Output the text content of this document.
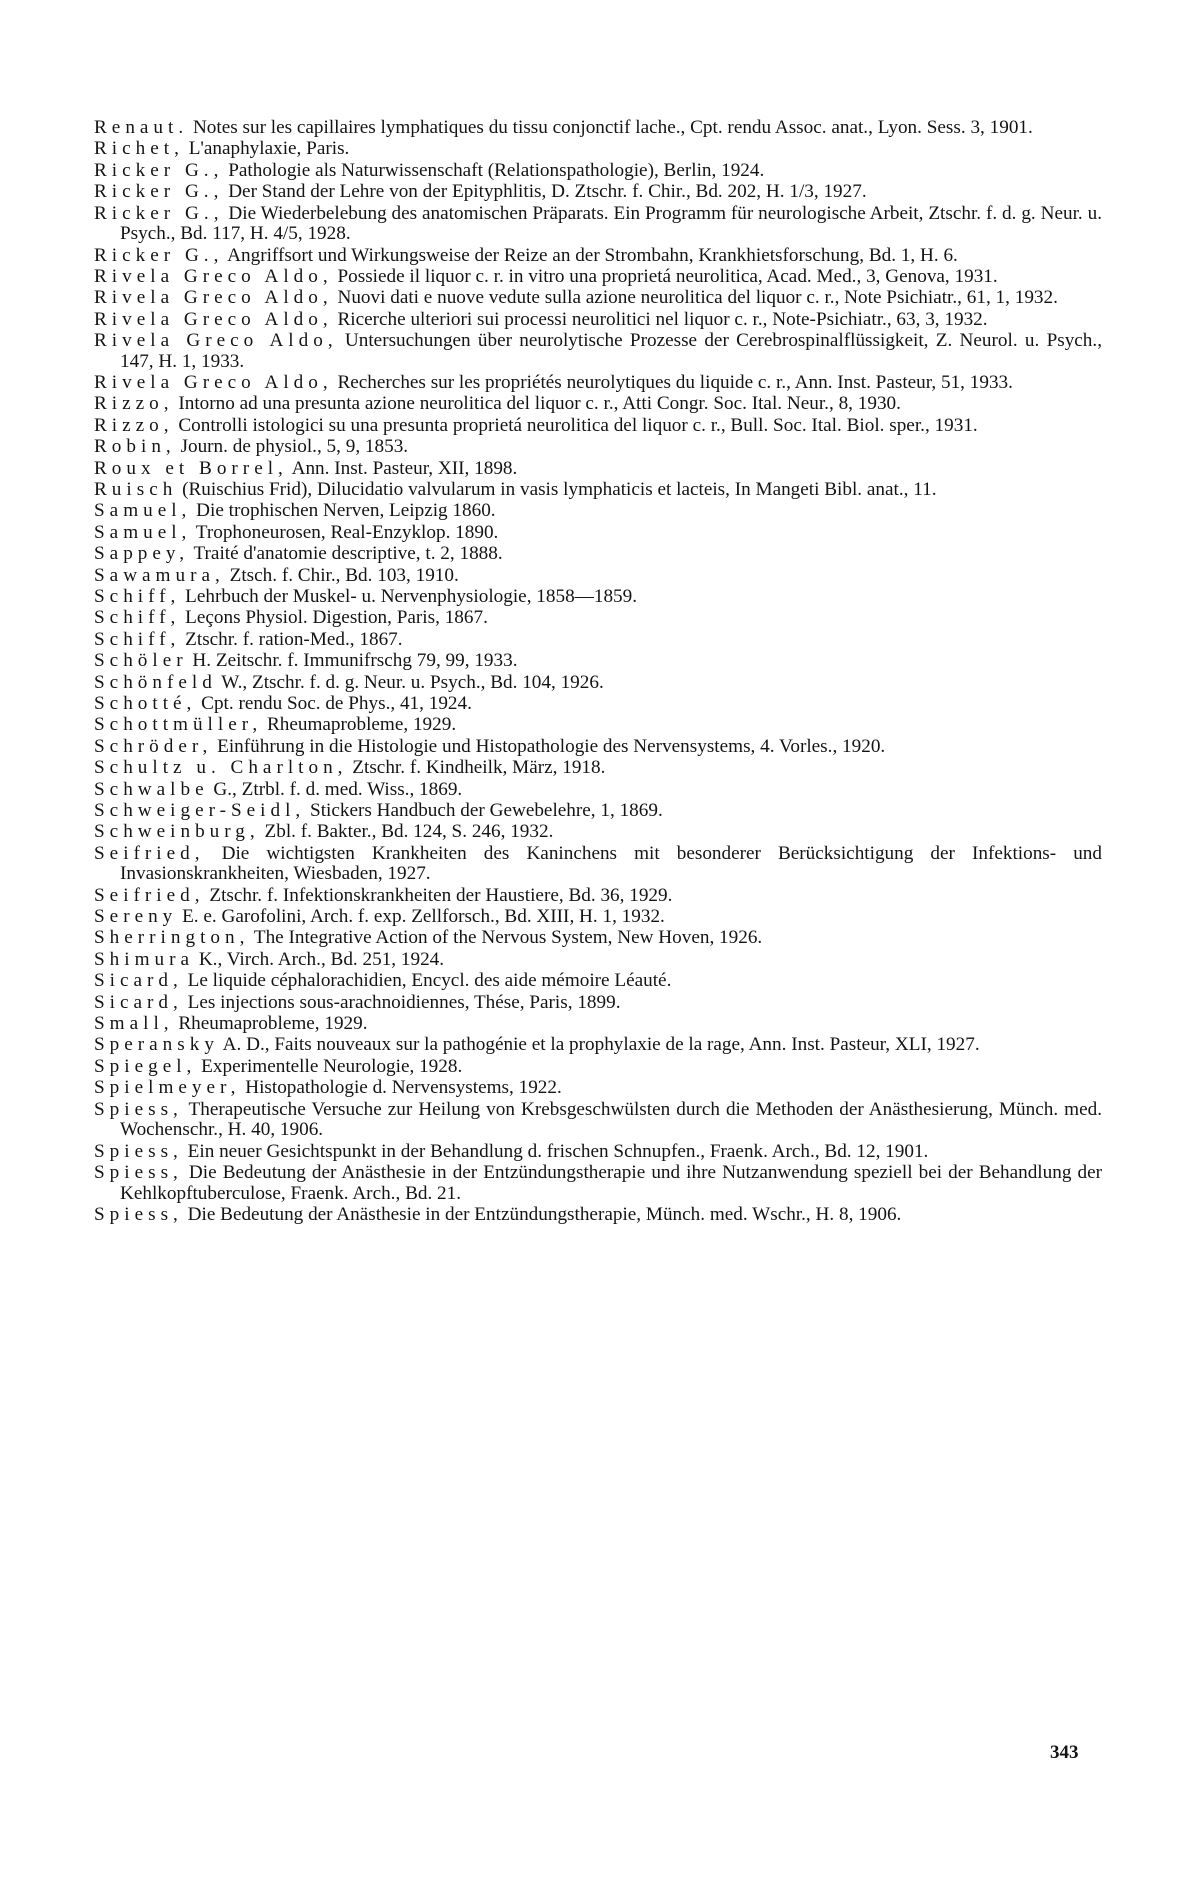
Renaut. Notes sur les capillaires lymphatiques du tissu conjonctif lache., Cpt. rendu Assoc. anat., Lyon. Sess. 3, 1901.
Richet, L'anaphylaxie, Paris.
Ricker G., Pathologie als Naturwissenschaft (Relationspathologie), Berlin, 1924.
Ricker G., Der Stand der Lehre von der Epityphlitis, D. Ztschr. f. Chir., Bd. 202, H. 1/3, 1927.
Ricker G., Die Wiederbelebung des anatomischen Präparats. Ein Programm für neurologische Arbeit, Ztschr. f. d. g. Neur. u. Psych., Bd. 117, H. 4/5, 1928.
Ricker G., Angriffsort und Wirkungsweise der Reize an der Strombahn, Krankhietsforschung, Bd. 1, H. 6.
Rivela Greco Aldo, Possiede il liquor c. r. in vitro una proprietá neurolitica, Acad. Med., 3, Genova, 1931.
Rivela Greco Aldo, Nuovi dati e nuove vedute sulla azione neurolitica del liquor c. r., Note Psichiatr., 61, 1, 1932.
Rivela Greco Aldo, Ricerche ulteriori sui processi neurolitici nel liquor c. r., Note-Psichiatr., 63, 3, 1932.
Rivela Greco Aldo, Untersuchungen über neurolytische Prozesse der Cerebrospinalflüssigkeit, Z. Neurol. u. Psych., 147, H. 1, 1933.
Rivela Greco Aldo, Recherches sur les propriétés neurolytiques du liquide c. r., Ann. Inst. Pasteur, 51, 1933.
Rizzo, Intorno ad una presunta azione neurolitica del liquor c. r., Atti Congr. Soc. Ital. Neur., 8, 1930.
Rizzo, Controlli istologici su una presunta proprietá neurolitica del liquor c. r., Bull. Soc. Ital. Biol. sper., 1931.
Robin, Journ. de physiol., 5, 9, 1853.
Roux et Borrel, Ann. Inst. Pasteur, XII, 1898.
Ruisch (Ruischius Frid), Dilucidatio valvularum in vasis lymphaticis et lacteis, In Mangeti Bibl. anat., 11.
Samuel, Die trophischen Nerven, Leipzig 1860.
Samuel, Trophoneurosen, Real-Enzyklop. 1890.
Sappey, Traité d'anatomie descriptive, t. 2, 1888.
Sawamura, Ztsch. f. Chir., Bd. 103, 1910.
Schiff, Lehrbuch der Muskel- u. Nervenphysiologie, 1858—1859.
Schiff, Leçons Physiol. Digestion, Paris, 1867.
Schiff, Ztschr. f. ration-Med., 1867.
Schöler H. Zeitschr. f. Immunifrschg 79, 99, 1933.
Schönfeld W., Ztschr. f. d. g. Neur. u. Psych., Bd. 104, 1926.
Schotté, Cpt. rendu Soc. de Phys., 41, 1924.
Schottmüller, Rheumaprobleme, 1929.
Schröder, Einführung in die Histologie und Histopathologie des Nervensystems, 4. Vorles., 1920.
Schultz u. Charlton, Ztschr. f. Kindheilk, März, 1918.
Schwalbe G., Ztrbl. f. d. med. Wiss., 1869.
Schweiger-Seidl, Stickers Handbuch der Gewebelehre, 1, 1869.
Schweinburg, Zbl. f. Bakter., Bd. 124, S. 246, 1932.
Seifried, Die wichtigsten Krankheiten des Kaninchens mit besonderer Berücksichtigung der Infektions- und Invasionskrankheiten, Wiesbaden, 1927.
Seifried, Ztschr. f. Infektionskrankheiten der Haustiere, Bd. 36, 1929.
Sereny E. e. Garofolini, Arch. f. exp. Zellforsch., Bd. XIII, H. 1, 1932.
Sherrington, The Integrative Action of the Nervous System, New Hoven, 1926.
Shimura K., Virch. Arch., Bd. 251, 1924.
Sicard, Le liquide céphalorachidien, Encycl. des aide mémoire Léauté.
Sicard, Les injections sous-arachnoidiennes, Thése, Paris, 1899.
Small, Rheumaprobleme, 1929.
Speransky A. D., Faits nouveaux sur la pathogénie et la prophylaxie de la rage, Ann. Inst. Pasteur, XLI, 1927.
Spiegel, Experimentelle Neurologie, 1928.
Spielmeyer, Histopathologie d. Nervensystems, 1922.
Spiess, Therapeutische Versuche zur Heilung von Krebsgeschwülsten durch die Methoden der Anästhesierung, Münch. med. Wochenschr., H. 40, 1906.
Spiess, Ein neuer Gesichtspunkt in der Behandlung d. frischen Schnupfen., Fraenk. Arch., Bd. 12, 1901.
Spiess, Die Bedeutung der Anästhesie in der Entzündungstherapie und ihre Nutzanwendung speziell bei der Behandlung der Kehlkopftuberculose, Fraenk. Arch., Bd. 21.
Spiess, Die Bedeutung der Anästhesie in der Entzündungstherapie, Münch. med. Wschr., H. 8, 1906.
343
